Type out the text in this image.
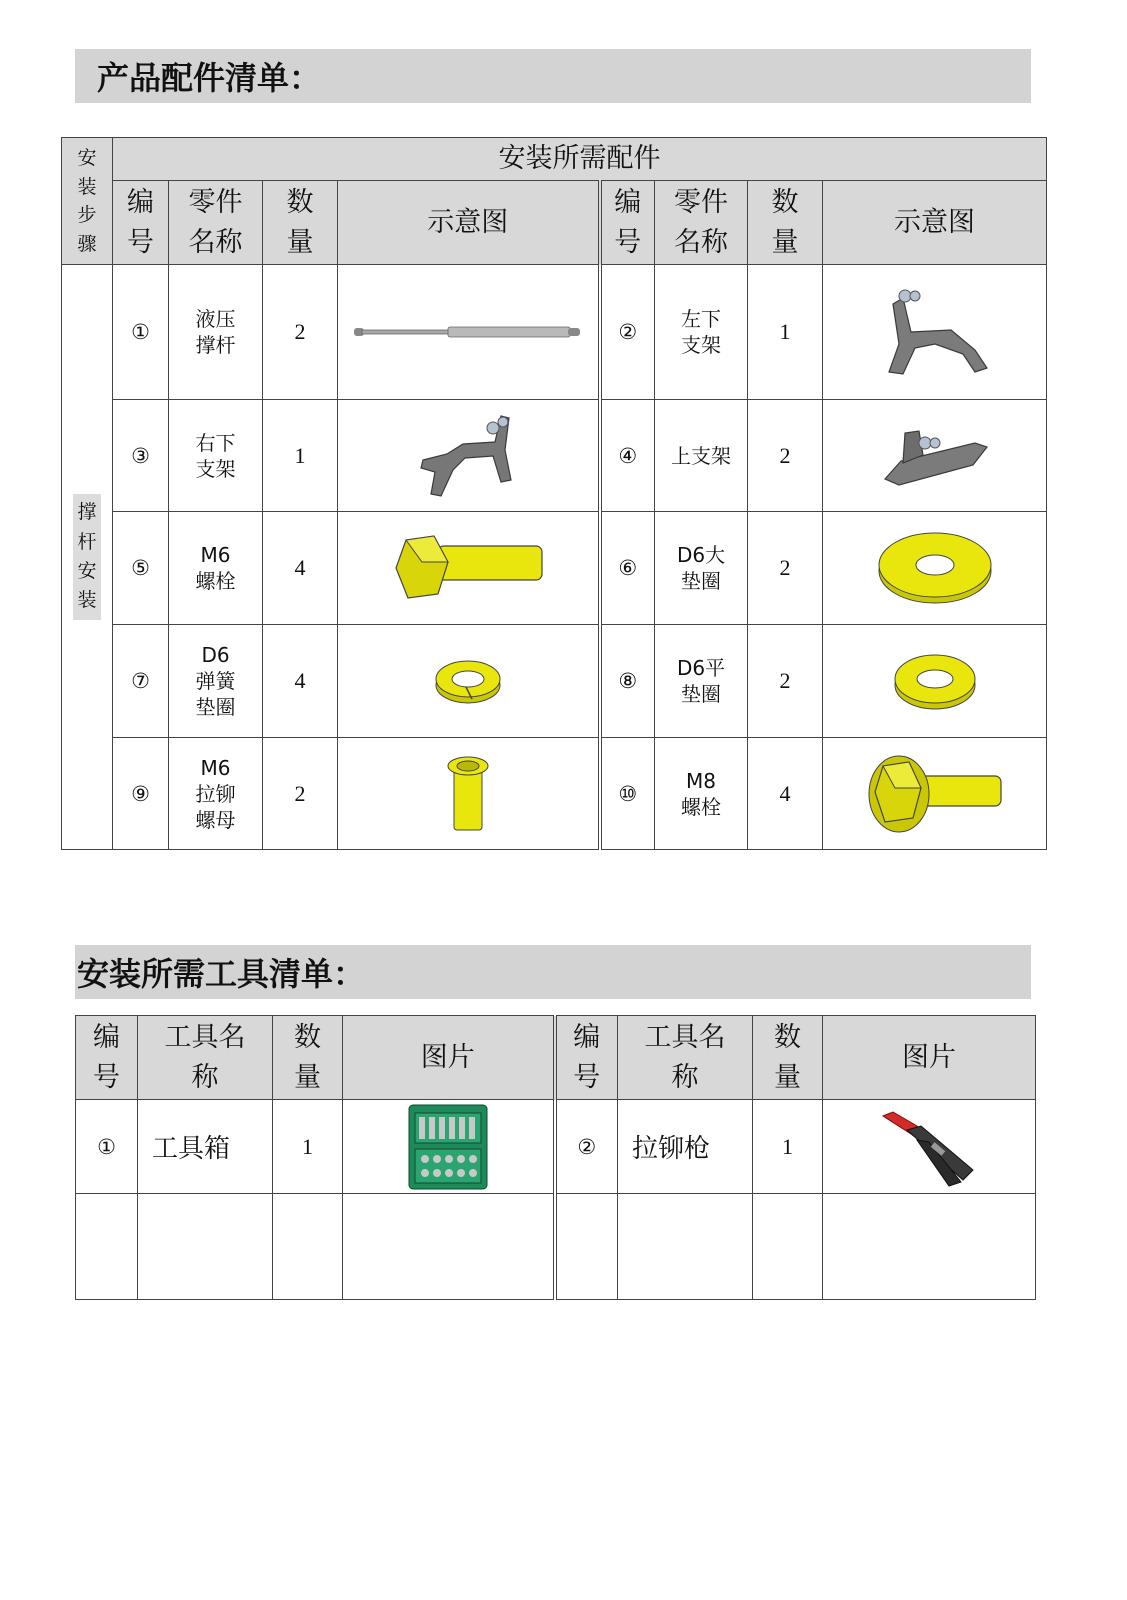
产品配件清单：
安装步骤	安装所需配件							

	编号	零件名称	数量	示意图	编号	零件名称	数量	示意图
撑杆安装	①	液压撑杆	2		②	左下支架	1	

	③	右下支架	1		④	上支架	2	

	⑤	M6螺栓	4		⑥	D6大垫圈	2	

	⑦	D6弹簧垫圈	4		⑧	D6平垫圈	2	

	⑨	M6拉铆螺母	2		⑩	M8螺栓	4	
安装所需工具清单：
编号	工具名称	数量	图片	编号	工具名称	数量	图片
①	工具箱	1		②	拉铆枪	1	
